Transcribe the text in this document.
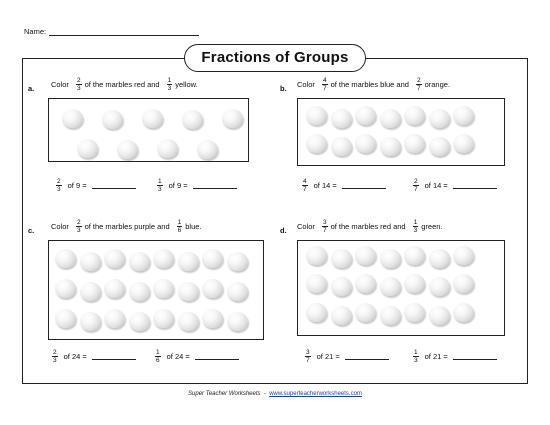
Name:
Fractions of Groups
a. Color $\frac{2}{3}$ of the marbles red and $\frac{1}{3}$ yellow.
$\frac{2}{3}$ of 9 =	$\frac{1}{3}$ of 9 =
b. Color $\frac{4}{7}$ of the marbles blue and $\frac{2}{7}$ orange.
$\frac{4}{7}$ of 14 =	$\frac{2}{7}$ of 14 =
c. Color $\frac{2}{3}$ of the marbles purple and $\frac{1}{6}$ blue.
$\frac{2}{3}$ of 24 =	$\frac{1}{6}$ of 24 =
d. Color $\frac{3}{7}$ of the marbles red and $\frac{1}{3}$ green.
$\frac{3}{7}$ of 21 =	$\frac{1}{3}$ of 21 =
Super Teacher Worksheets - www.superteacherworksheets.com
